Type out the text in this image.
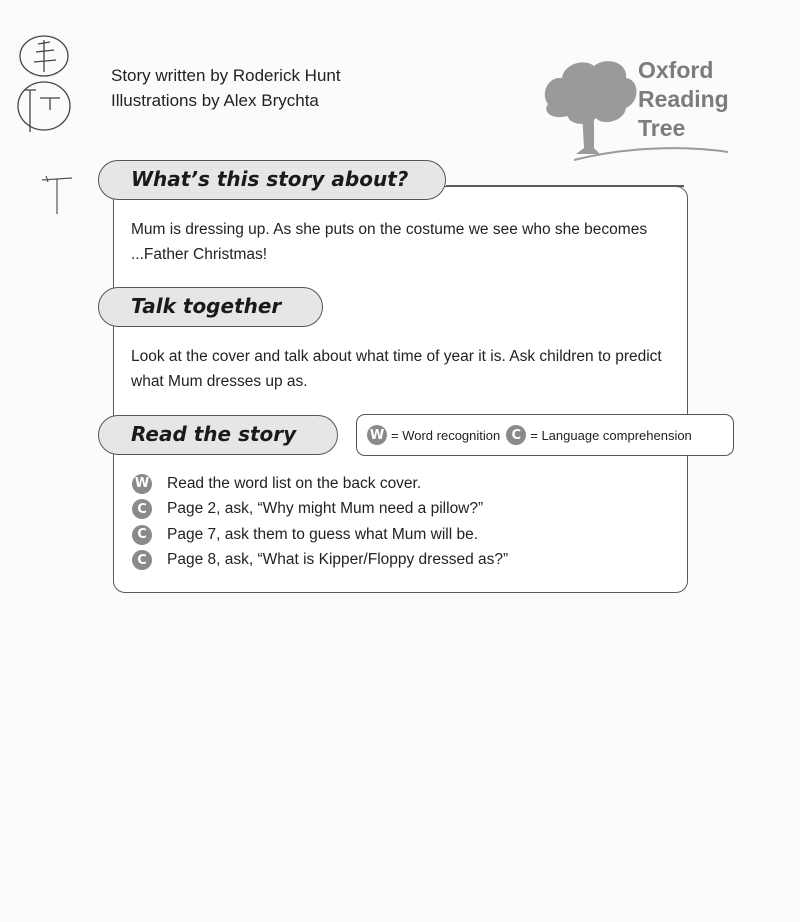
Story written by Roderick Hunt
Illustrations by Alex Brychta
Oxford
Reading
Tree
What’s this story about?
Mum is dressing up. As she puts on the costume we see who she becomes ...Father Christmas!
Talk together
Look at the cover and talk about what time of year it is. Ask children to predict what Mum dresses up as.
Read the story	W = Word recognition C = Language comprehension
W Read the word list on the back cover.
C	Page 2, ask, “Why might Mum need a pillow?”
C	Page 7, ask them to guess what Mum will be.
C	Page 8, ask, “What is Kipper/Floppy dressed as?”
